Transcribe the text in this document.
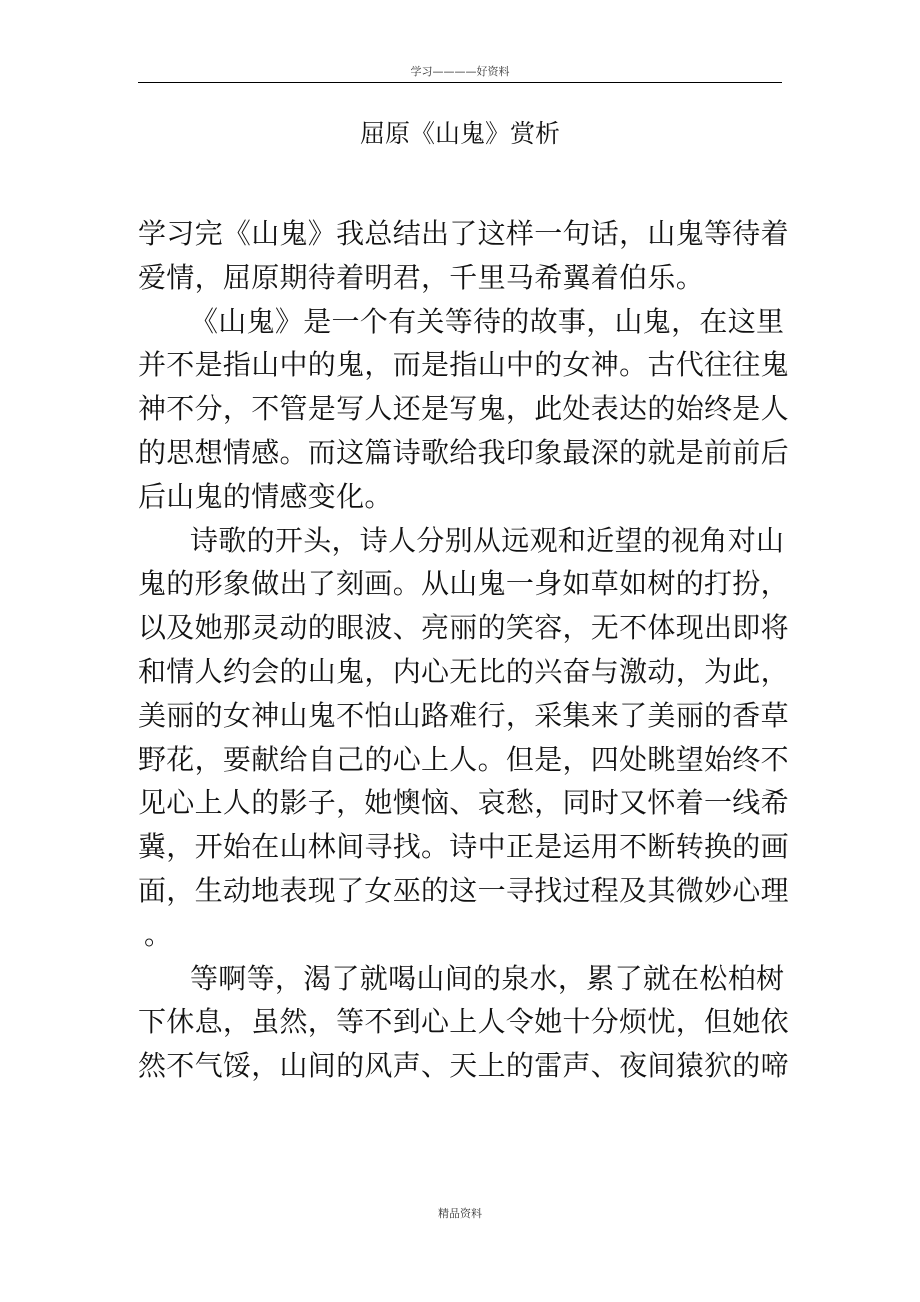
学习————好资料
屈原《山鬼》赏析
学习完《山鬼》我总结出了这样一句话，山鬼等待着
爱情，屈原期待着明君，千里马希翼着伯乐。
《山鬼》是一个有关等待的故事，山鬼，在这里
并不是指山中的鬼，而是指山中的女神。古代往往鬼
神不分，不管是写人还是写鬼，此处表达的始终是人
的思想情感。而这篇诗歌给我印象最深的就是前前后
后山鬼的情感变化。
诗歌的开头，诗人分别从远观和近望的视角对山
鬼的形象做出了刻画。从山鬼一身如草如树的打扮，
以及她那灵动的眼波、亮丽的笑容，无不体现出即将
和情人约会的山鬼，内心无比的兴奋与激动，为此，
美丽的女神山鬼不怕山路难行，采集来了美丽的香草
野花，要献给自己的心上人。但是，四处眺望始终不
见心上人的影子，她懊恼、哀愁，同时又怀着一线希
冀，开始在山林间寻找。诗中正是运用不断转换的画
面，生动地表现了女巫的这一寻找过程及其微妙心理
。
等啊等，渴了就喝山间的泉水，累了就在松柏树
下休息，虽然，等不到心上人令她十分烦忧，但她依
然不气馁，山间的风声、天上的雷声、夜间猿狖的啼
精品资料
